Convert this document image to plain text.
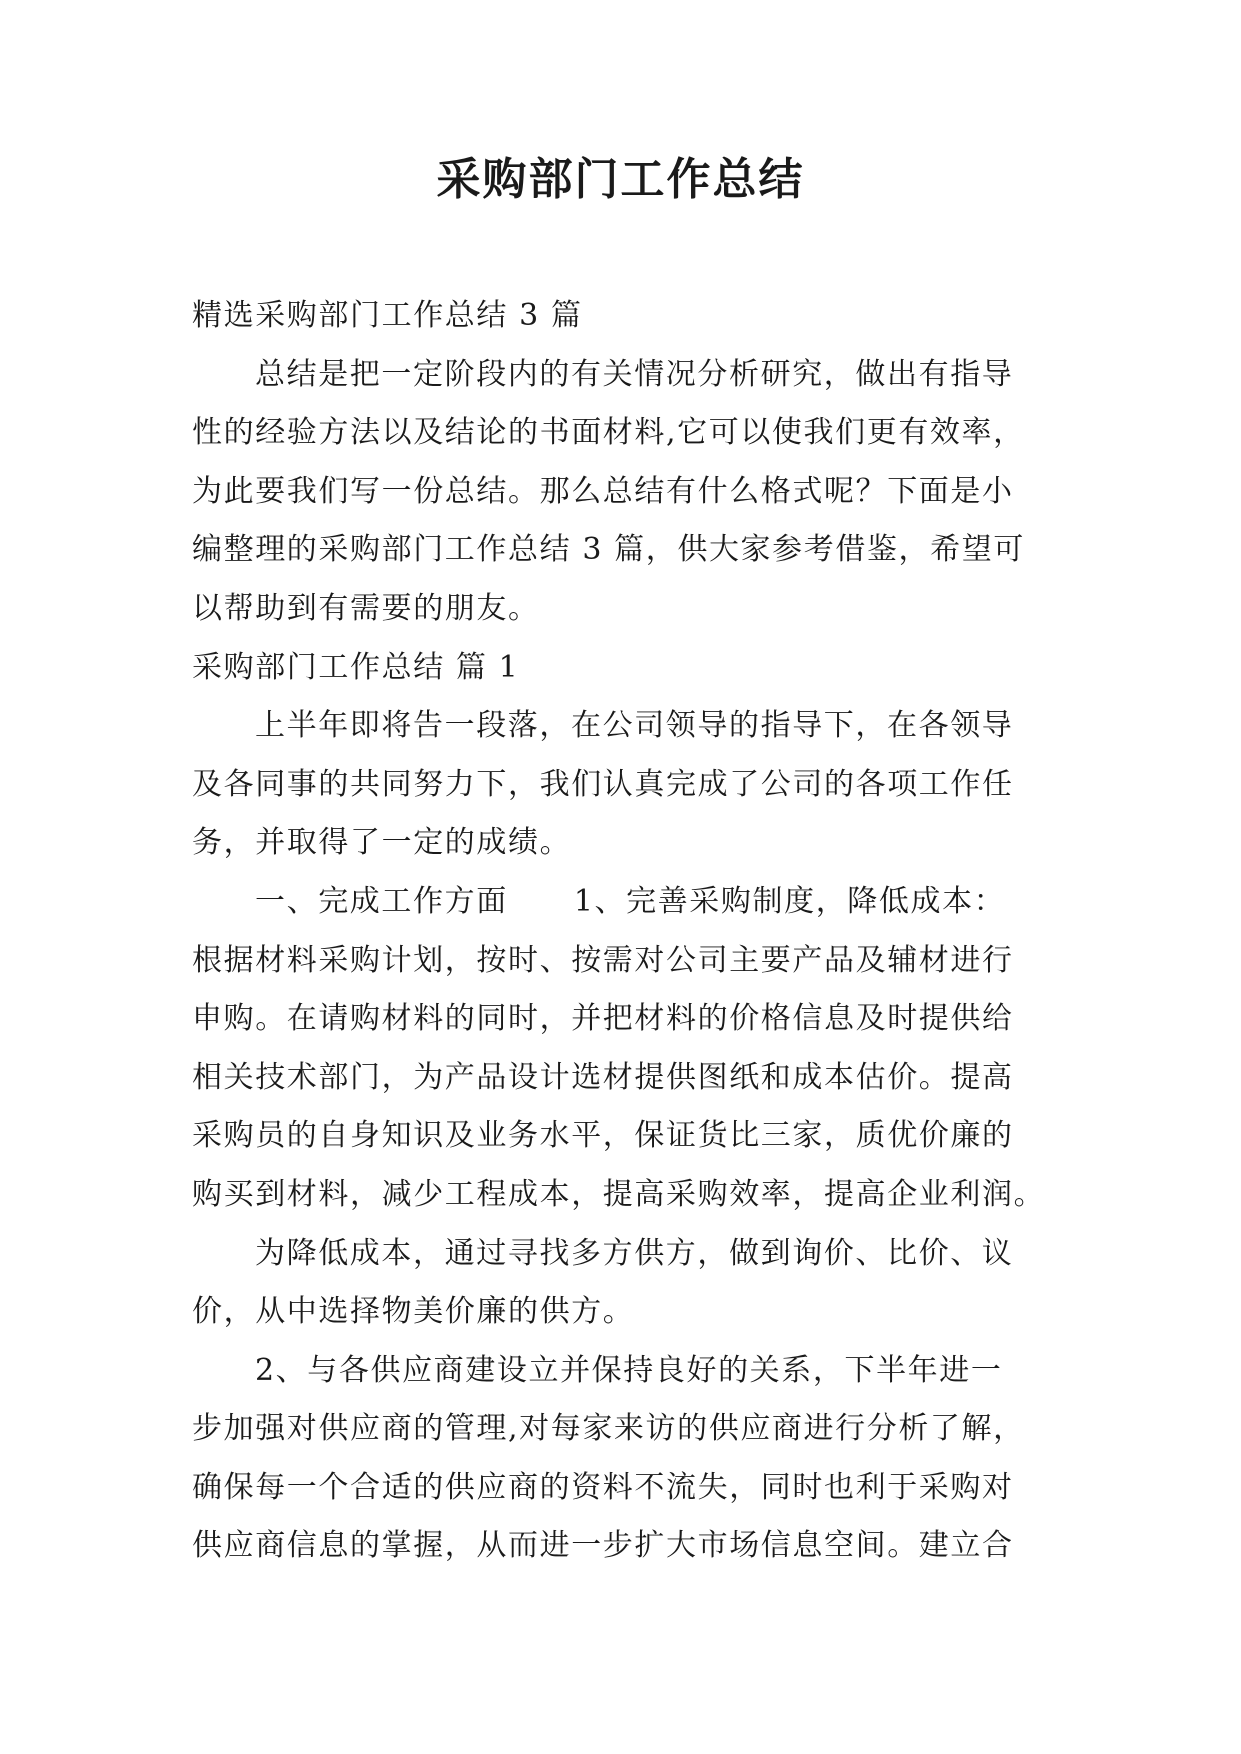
采购部门工作总结
精选采购部门工作总结 3 篇
总结是把一定阶段内的有关情况分析研究，做出有指导
性的经验方法以及结论的书面材料,它可以使我们更有效率，
为此要我们写一份总结。那么总结有什么格式呢？下面是小
编整理的采购部门工作总结 3 篇，供大家参考借鉴，希望可
以帮助到有需要的朋友。
采购部门工作总结 篇 1
上半年即将告一段落，在公司领导的指导下，在各领导
及各同事的共同努力下，我们认真完成了公司的各项工作任
务，并取得了一定的成绩。
一、完成工作方面 1、完善采购制度，降低成本：
根据材料采购计划，按时、按需对公司主要产品及辅材进行
申购。在请购材料的同时，并把材料的价格信息及时提供给
相关技术部门，为产品设计选材提供图纸和成本估价。提高
采购员的自身知识及业务水平，保证货比三家，质优价廉的
购买到材料，减少工程成本，提高采购效率，提高企业利润。
为降低成本，通过寻找多方供方，做到询价、比价、议
价，从中选择物美价廉的供方。
2、与各供应商建设立并保持良好的关系，下半年进一
步加强对供应商的管理,对每家来访的供应商进行分析了解，
确保每一个合适的供应商的资料不流失，同时也利于采购对
供应商信息的掌握，从而进一步扩大市场信息空间。建立合
